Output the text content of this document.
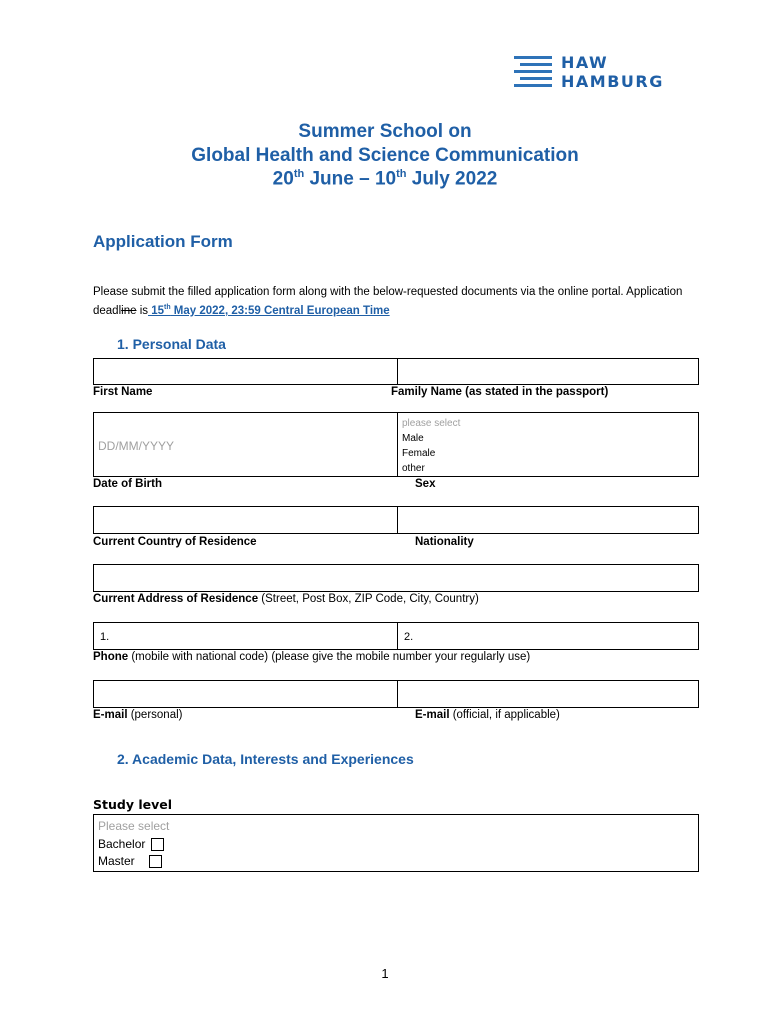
HAW
HAMBURG
Summer School on
Global Health and Science Communication
20th June – 10th July 2022
Application Form
Please submit the filled application form along with the below-requested documents via the online portal. Application deadline is 15th May 2022, 23:59 Central European Time
1. Personal Data
First Name	Family Name (as stated in the passport)
DD/MM/YYYY
please select
Male
Female
other
Date of Birth	Sex
Current Country of Residence	Nationality
Current Address of Residence (Street, Post Box, ZIP Code, City, Country)
1.	2.
Phone (mobile with national code) (please give the mobile number your regularly use)
E-mail (personal)	E-mail (official, if applicable)
2. Academic Data, Interests and Experiences
Study level
Please select
Bachelor
Master
1
